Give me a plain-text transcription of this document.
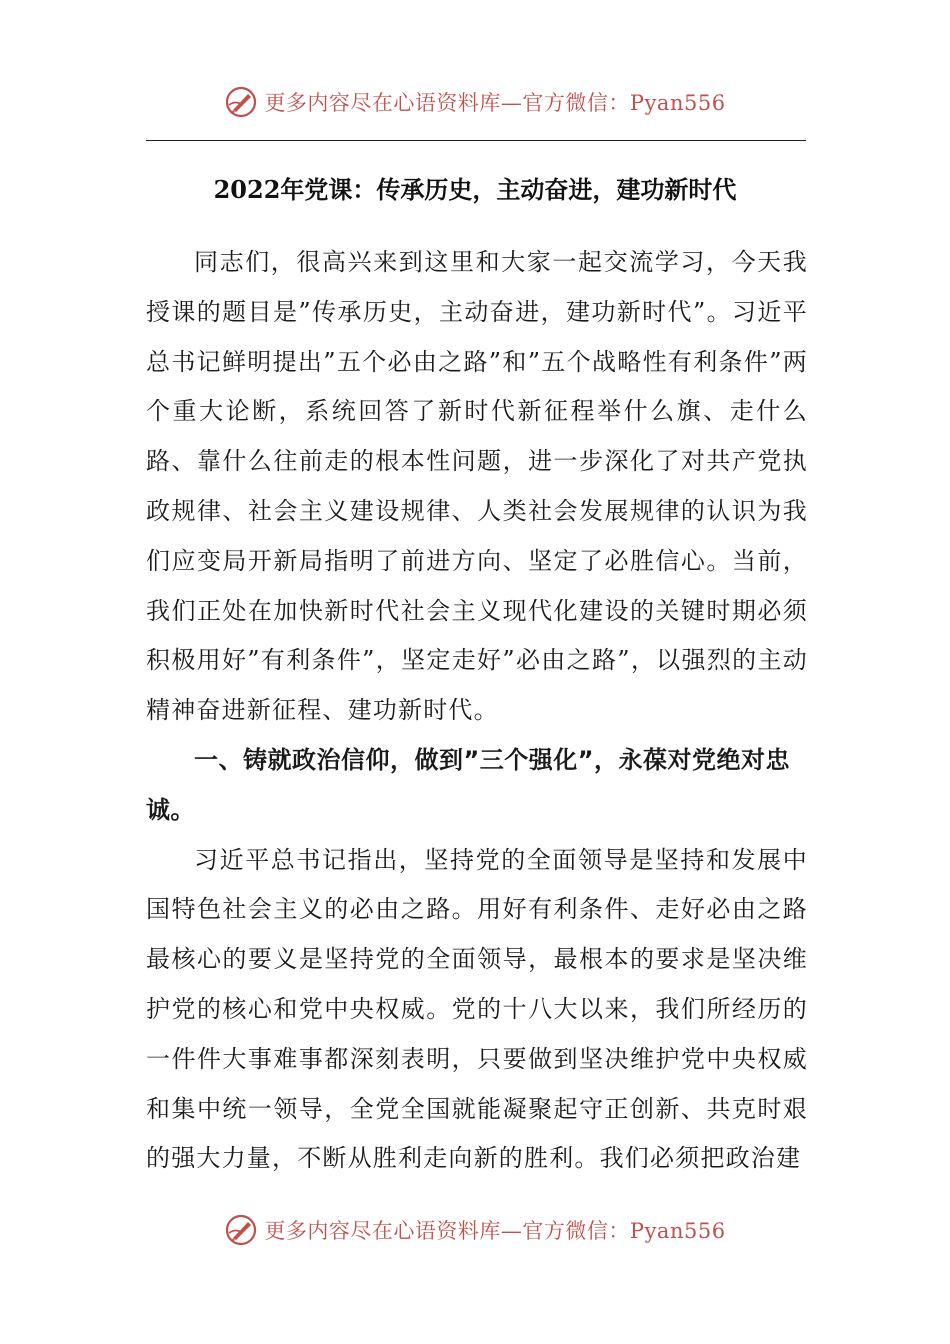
更多内容尽在心语资料库—官方微信：Pyan556
2022年党课：传承历史，主动奋进，建功新时代

同志们，很高兴来到这里和大家一起交流学习，今天我授课的题目是”传承历史，主动奋进，建功新时代”。习近平总书记鲜明提出”五个必由之路”和”五个战略性有利条件”两个重大论断，系统回答了新时代新征程举什么旗、走什么路、靠什么往前走的根本性问题，进一步深化了对共产党执政规律、社会主义建设规律、人类社会发展规律的认识为我们应变局开新局指明了前进方向、坚定了必胜信心。当前，我们正处在加快新时代社会主义现代化建设的关键时期必须积极用好”有利条件”，坚定走好”必由之路”，以强烈的主动精神奋进新征程、建功新时代。

一、铸就政治信仰，做到”三个强化”，永葆对党绝对忠诚。

习近平总书记指出，坚持党的全面领导是坚持和发展中国特色社会主义的必由之路。用好有利条件、走好必由之路最核心的要义是坚持党的全面领导，最根本的要求是坚决维护党的核心和党中央权威。党的十八大以来，我们所经历的一件件大事难事都深刻表明，只要做到坚决维护党中央权威和集中统一领导，全党全国就能凝聚起守正创新、共克时艰的强大力量，不断从胜利走向新的胜利。我们必须把政治建

更多内容尽在心语资料库—官方微信：Pyan556
